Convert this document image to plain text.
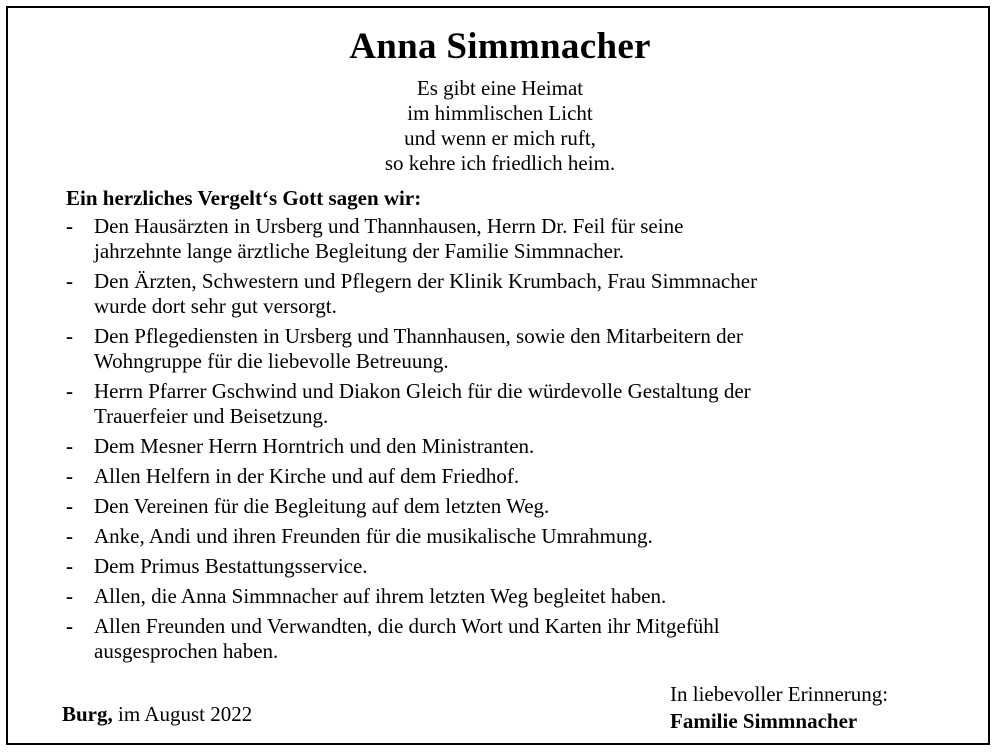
Anna Simmnacher
Es gibt eine Heimat
im himmlischen Licht
und wenn er mich ruft,
so kehre ich friedlich heim.
Ein herzliches Vergelt‘s Gott sagen wir:
- Den Hausärzten in Ursberg und Thannhausen, Herrn Dr. Feil für seine
jahrzehnte lange ärztliche Begleitung der Familie Simmnacher.
- Den Ärzten, Schwestern und Pflegern der Klinik Krumbach, Frau Simmnacher
wurde dort sehr gut versorgt.
- Den Pflegediensten in Ursberg und Thannhausen, sowie den Mitarbeitern der
Wohngruppe für die liebevolle Betreuung.
- Herrn Pfarrer Gschwind und Diakon Gleich für die würdevolle Gestaltung der
Trauerfeier und Beisetzung.
- Dem Mesner Herrn Horntrich und den Ministranten.
- Allen Helfern in der Kirche und auf dem Friedhof.
- Den Vereinen für die Begleitung auf dem letzten Weg.
- Anke, Andi und ihren Freunden für die musikalische Umrahmung.
- Dem Primus Bestattungsservice.
- Allen, die Anna Simmnacher auf ihrem letzten Weg begleitet haben.
- Allen Freunden und Verwandten, die durch Wort und Karten ihr Mitgefühl
ausgesprochen haben.
Burg, im August 2022
In liebevoller Erinnerung:
Familie Simmnacher
